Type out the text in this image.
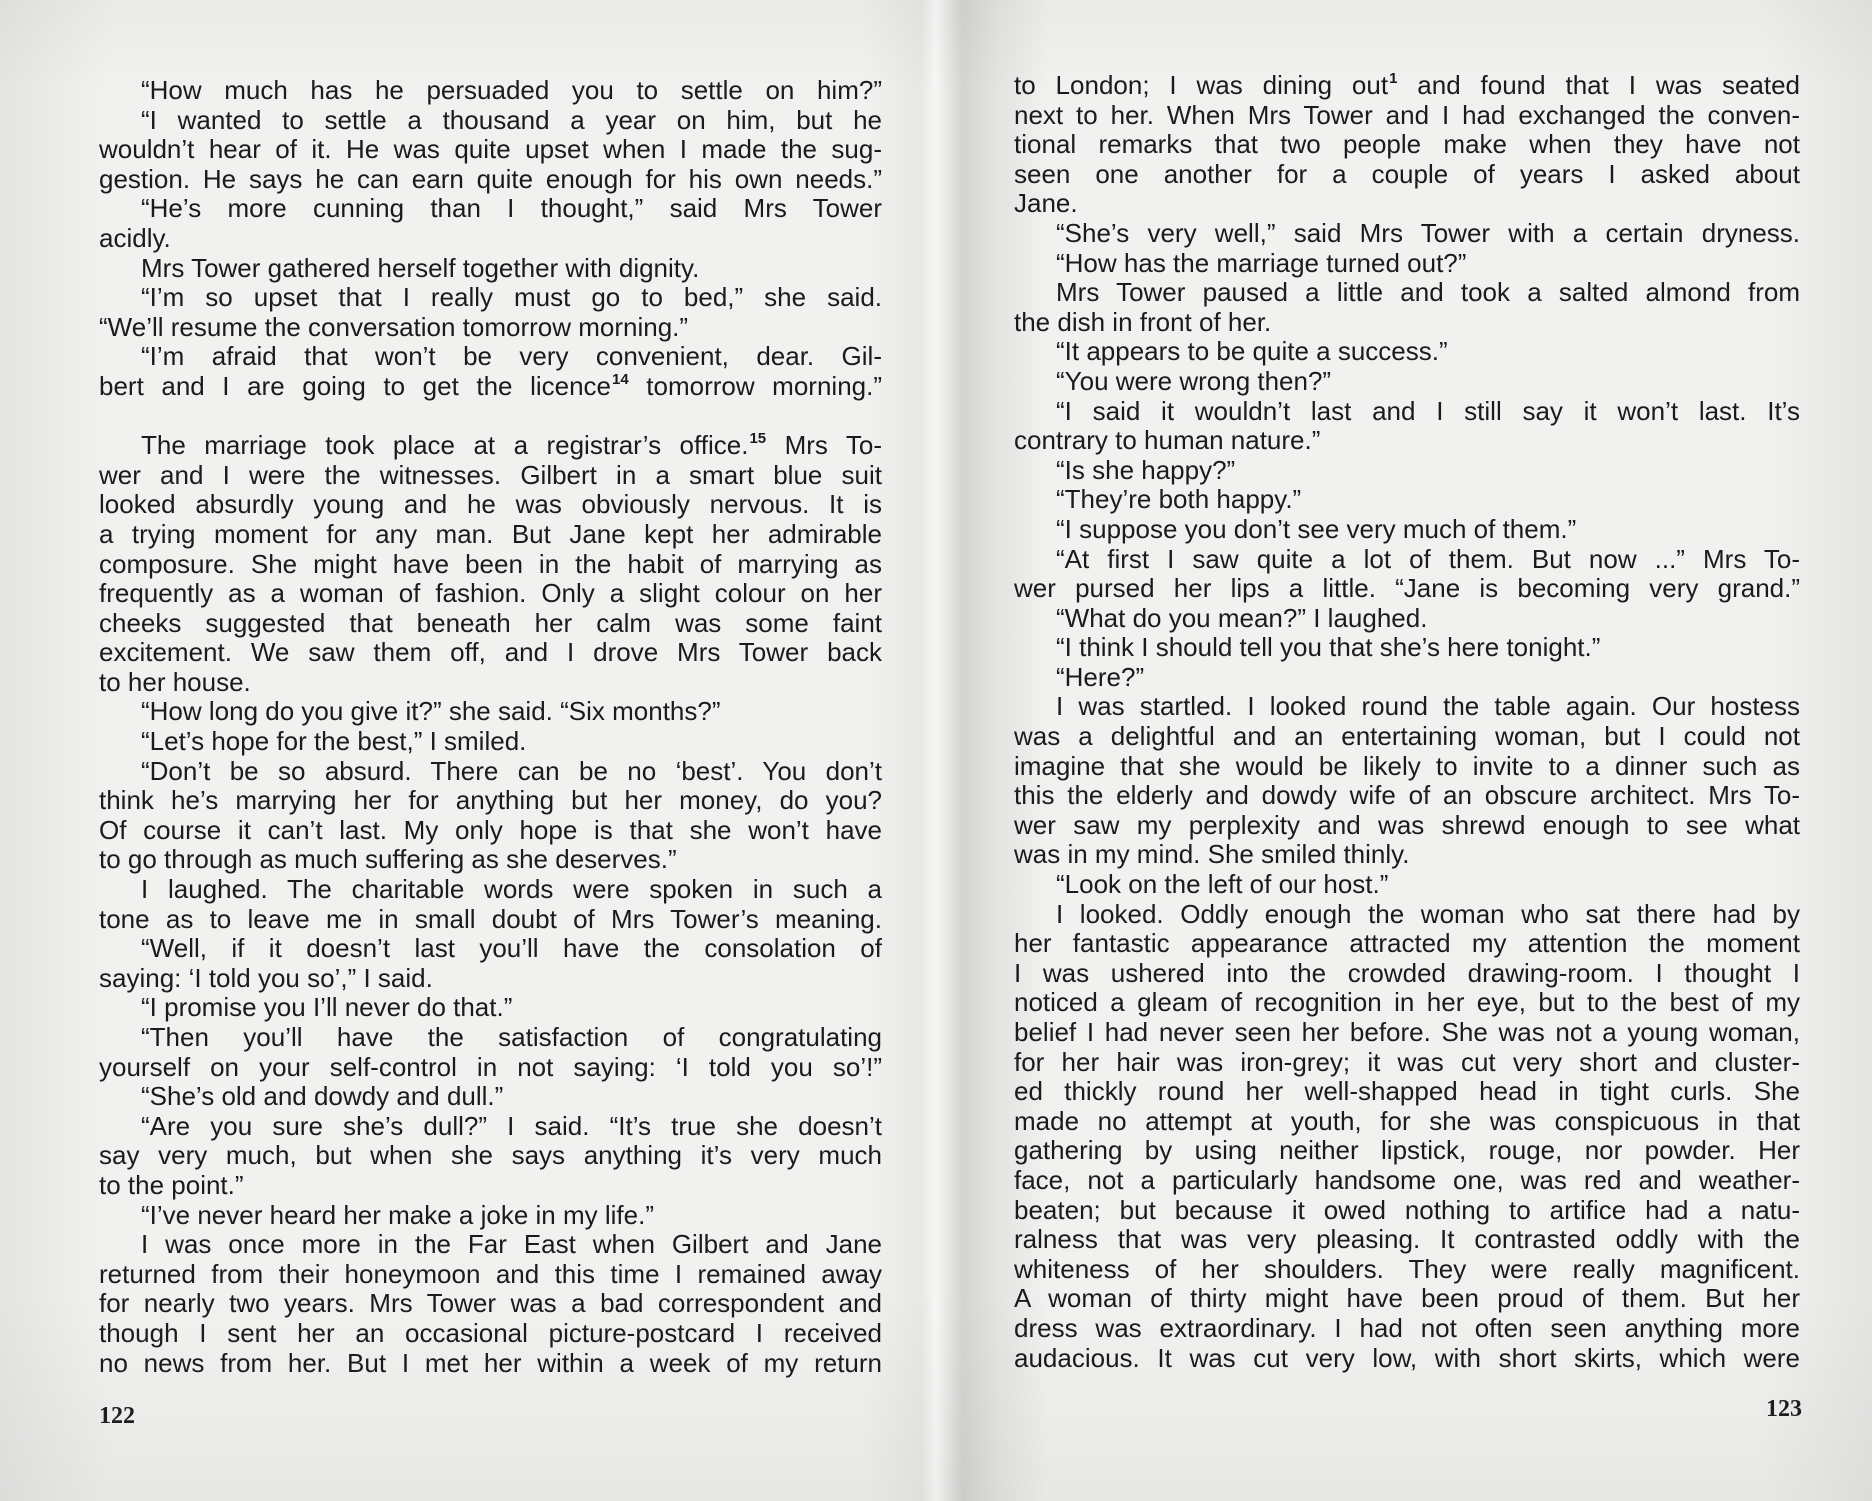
“How much has he persuaded you to settle on him?”
“I wanted to settle a thousand a year on him, but he
wouldn’t hear of it. He was quite upset when I made the sug-
gestion. He says he can earn quite enough for his own needs.”
“He’s more cunning than I thought,” said Mrs Tower
acidly.
Mrs Tower gathered herself together with dignity.
“I’m so upset that I really must go to bed,” she said.
“We’ll resume the conversation tomorrow morning.”
“I’m afraid that won’t be very convenient, dear. Gil-
bert and I are going to get the licence$^{14}$ tomorrow morning.”
The marriage took place at a registrar’s office.$^{15}$ Mrs To-
wer and I were the witnesses. Gilbert in a smart blue suit
looked absurdly young and he was obviously nervous. It is
a trying moment for any man. But Jane kept her admirable
composure. She might have been in the habit of marrying as
frequently as a woman of fashion. Only a slight colour on her
cheeks suggested that beneath her calm was some faint
excitement. We saw them off, and I drove Mrs Tower back
to her house.
“How long do you give it?” she said. “Six months?”
“Let’s hope for the best,” I smiled.
“Don’t be so absurd. There can be no ‘best’. You don’t
think he’s marrying her for anything but her money, do you?
Of course it can’t last. My only hope is that she won’t have
to go through as much suffering as she deserves.”
I laughed. The charitable words were spoken in such a
tone as to leave me in small doubt of Mrs Tower’s meaning.
“Well, if it doesn’t last you’ll have the consolation of
saying: ‘I told you so’,” I said.
“I promise you I’ll never do that.”
“Then you’ll have the satisfaction of congratulating
yourself on your self-control in not saying: ‘I told you so’!”
“She’s old and dowdy and dull.”
“Are you sure she’s dull?” I said. “It’s true she doesn’t
say very much, but when she says anything it’s very much
to the point.”
“I’ve never heard her make a joke in my life.”
I was once more in the Far East when Gilbert and Jane
returned from their honeymoon and this time I remained away
for nearly two years. Mrs Tower was a bad correspondent and
though I sent her an occasional picture-postcard I received
no news from her. But I met her within a week of my return
to London; I was dining out$^1$ and found that I was seated
next to her. When Mrs Tower and I had exchanged the conven-
tional remarks that two people make when they have not
seen one another for a couple of years I asked about
Jane.
“She’s very well,” said Mrs Tower with a certain dryness.
“How has the marriage turned out?”
Mrs Tower paused a little and took a salted almond from
the dish in front of her.
“It appears to be quite a success.”
“You were wrong then?”
“I said it wouldn’t last and I still say it won’t last. It’s
contrary to human nature.”
“Is she happy?”
“They’re both happy.”
“I suppose you don’t see very much of them.”
“At first I saw quite a lot of them. But now ...” Mrs To-
wer pursed her lips a little. “Jane is becoming very grand.”
“What do you mean?” I laughed.
“I think I should tell you that she’s here tonight.”
“Here?”
I was startled. I looked round the table again. Our hostess
was a delightful and an entertaining woman, but I could not
imagine that she would be likely to invite to a dinner such as
this the elderly and dowdy wife of an obscure architect. Mrs To-
wer saw my perplexity and was shrewd enough to see what
was in my mind. She smiled thinly.
“Look on the left of our host.”
I looked. Oddly enough the woman who sat there had by
her fantastic appearance attracted my attention the moment
I was ushered into the crowded drawing-room. I thought I
noticed a gleam of recognition in her eye, but to the best of my
belief I had never seen her before. She was not a young woman,
for her hair was iron-grey; it was cut very short and cluster-
ed thickly round her well-shapped head in tight curls. She
made no attempt at youth, for she was conspicuous in that
gathering by using neither lipstick, rouge, nor powder. Her
face, not a particularly handsome one, was red and weather-
beaten; but because it owed nothing to artifice had a natu-
ralness that was very pleasing. It contrasted oddly with the
whiteness of her shoulders. They were really magnificent.
A woman of thirty might have been proud of them. But her
dress was extraordinary. I had not often seen anything more
audacious. It was cut very low, with short skirts, which were
122	123
